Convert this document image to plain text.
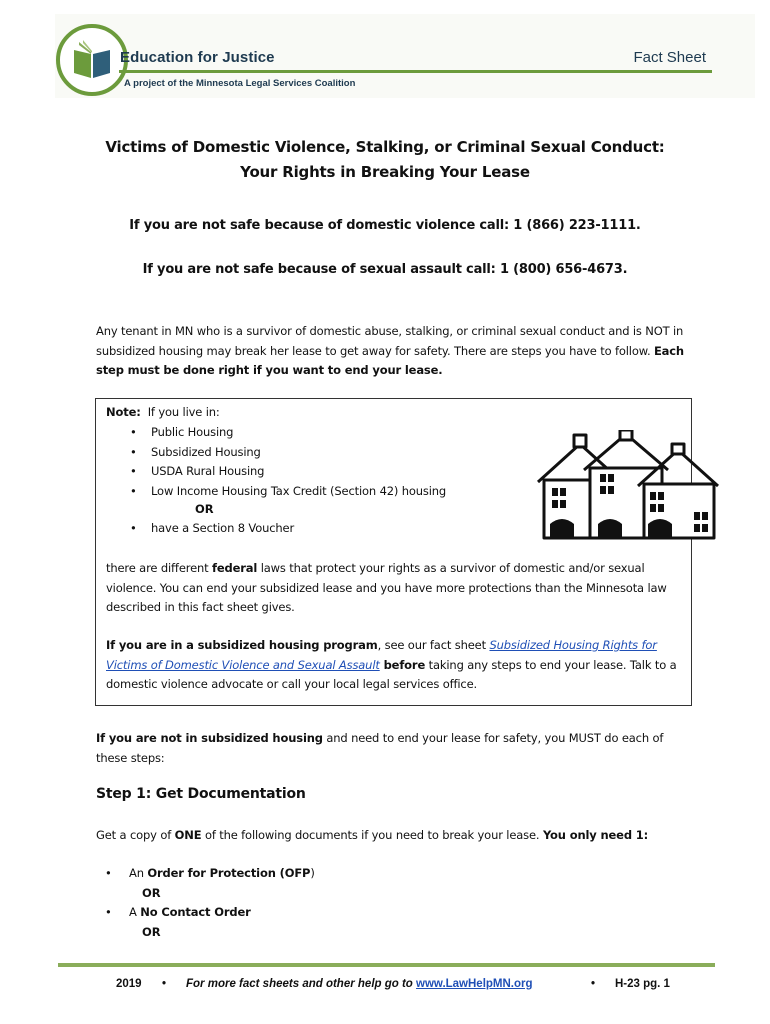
Education for Justice
A project of the Minnesota Legal Services Coalition
Fact Sheet
Victims of Domestic Violence, Stalking, or Criminal Sexual Conduct:
Your Rights in Breaking Your Lease
If you are not safe because of domestic violence call: 1 (866) 223-1111.
If you are not safe because of sexual assault call: 1 (800) 656-4673.
Any tenant in MN who is a survivor of domestic abuse, stalking, or criminal sexual conduct and is NOT in subsidized housing may break her lease to get away for safety. There are steps you have to follow. Each step must be done right if you want to end your lease.
Note: If you live in:
• Public Housing
• Subsidized Housing
• USDA Rural Housing
• Low Income Housing Tax Credit (Section 42) housing
OR
• have a Section 8 Voucher
there are different federal laws that protect your rights as a survivor of domestic and/or sexual violence. You can end your subsidized lease and you have more protections than the Minnesota law described in this fact sheet gives.
If you are in a subsidized housing program, see our fact sheet Subsidized Housing Rights for Victims of Domestic Violence and Sexual Assault before taking any steps to end your lease. Talk to a domestic violence advocate or call your local legal services office.
If you are not in subsidized housing and need to end your lease for safety, you MUST do each of these steps:
Step 1: Get Documentation
Get a copy of ONE of the following documents if you need to break your lease. You only need 1:
• An Order for Protection (OFP)
OR
• A No Contact Order
OR
2019 • For more fact sheets and other help go to www.LawHelpMN.org	• H-23 pg. 1
